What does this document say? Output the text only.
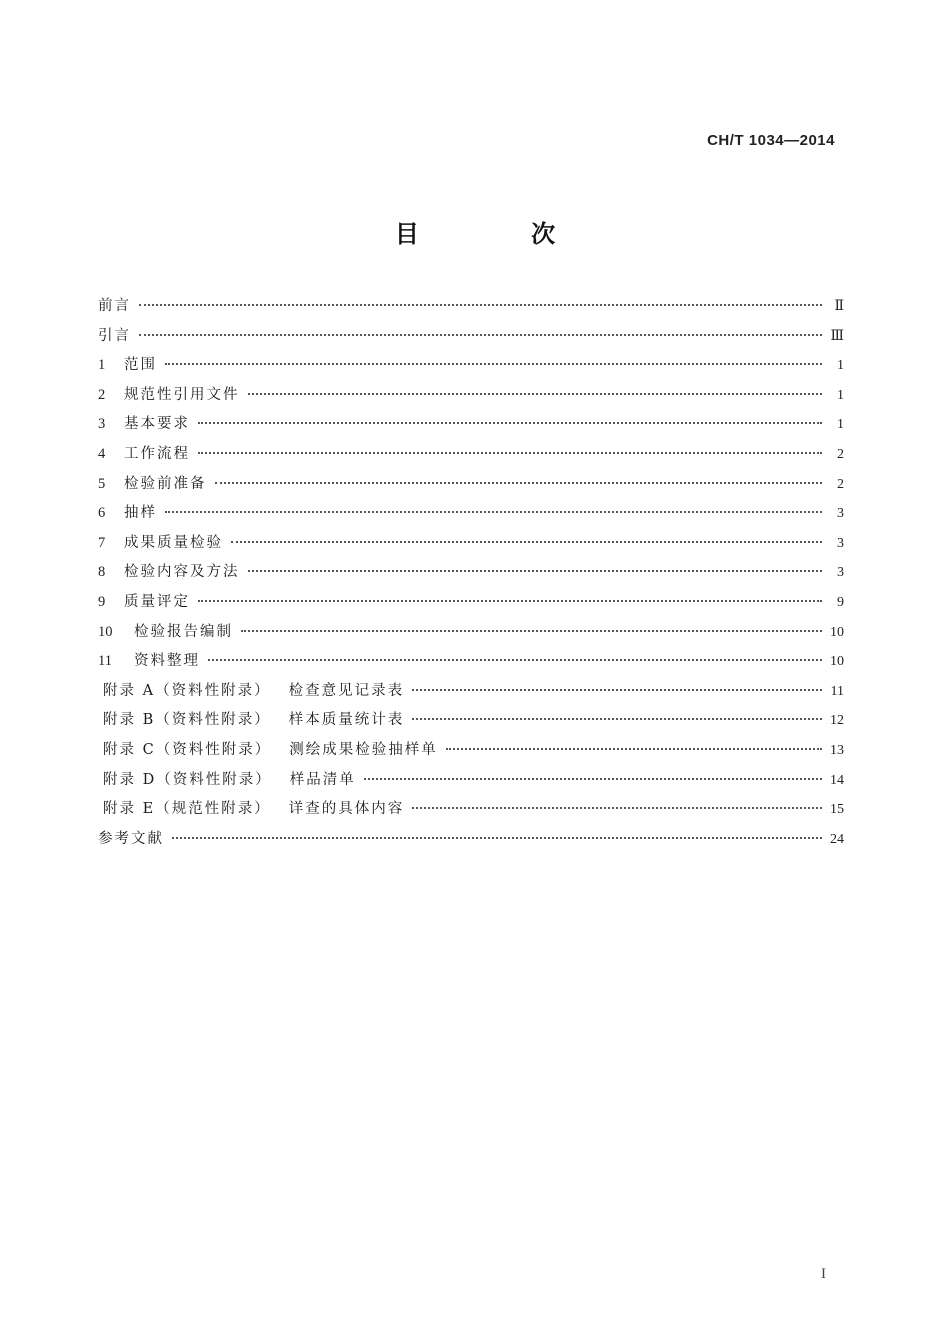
CH/T 1034—2014
目 次
前言	Ⅱ
引言	Ⅲ
1	范围	1
2	规范性引用文件	1
3	基本要求	1
4	工作流程	2
5	检验前准备	2
6	抽样	3
7	成果质量检验	3
8	检验内容及方法	3
9	质量评定	9
10	检验报告编制	10
11	资料整理	10
附录 A（资料性附录）	检查意见记录表	11
附录 B（资料性附录）	样本质量统计表	12
附录 C（资料性附录）	测绘成果检验抽样单	13
附录 D（资料性附录）	样品清单	14
附录 E（规范性附录）	详查的具体内容	15
参考文献	24
I
